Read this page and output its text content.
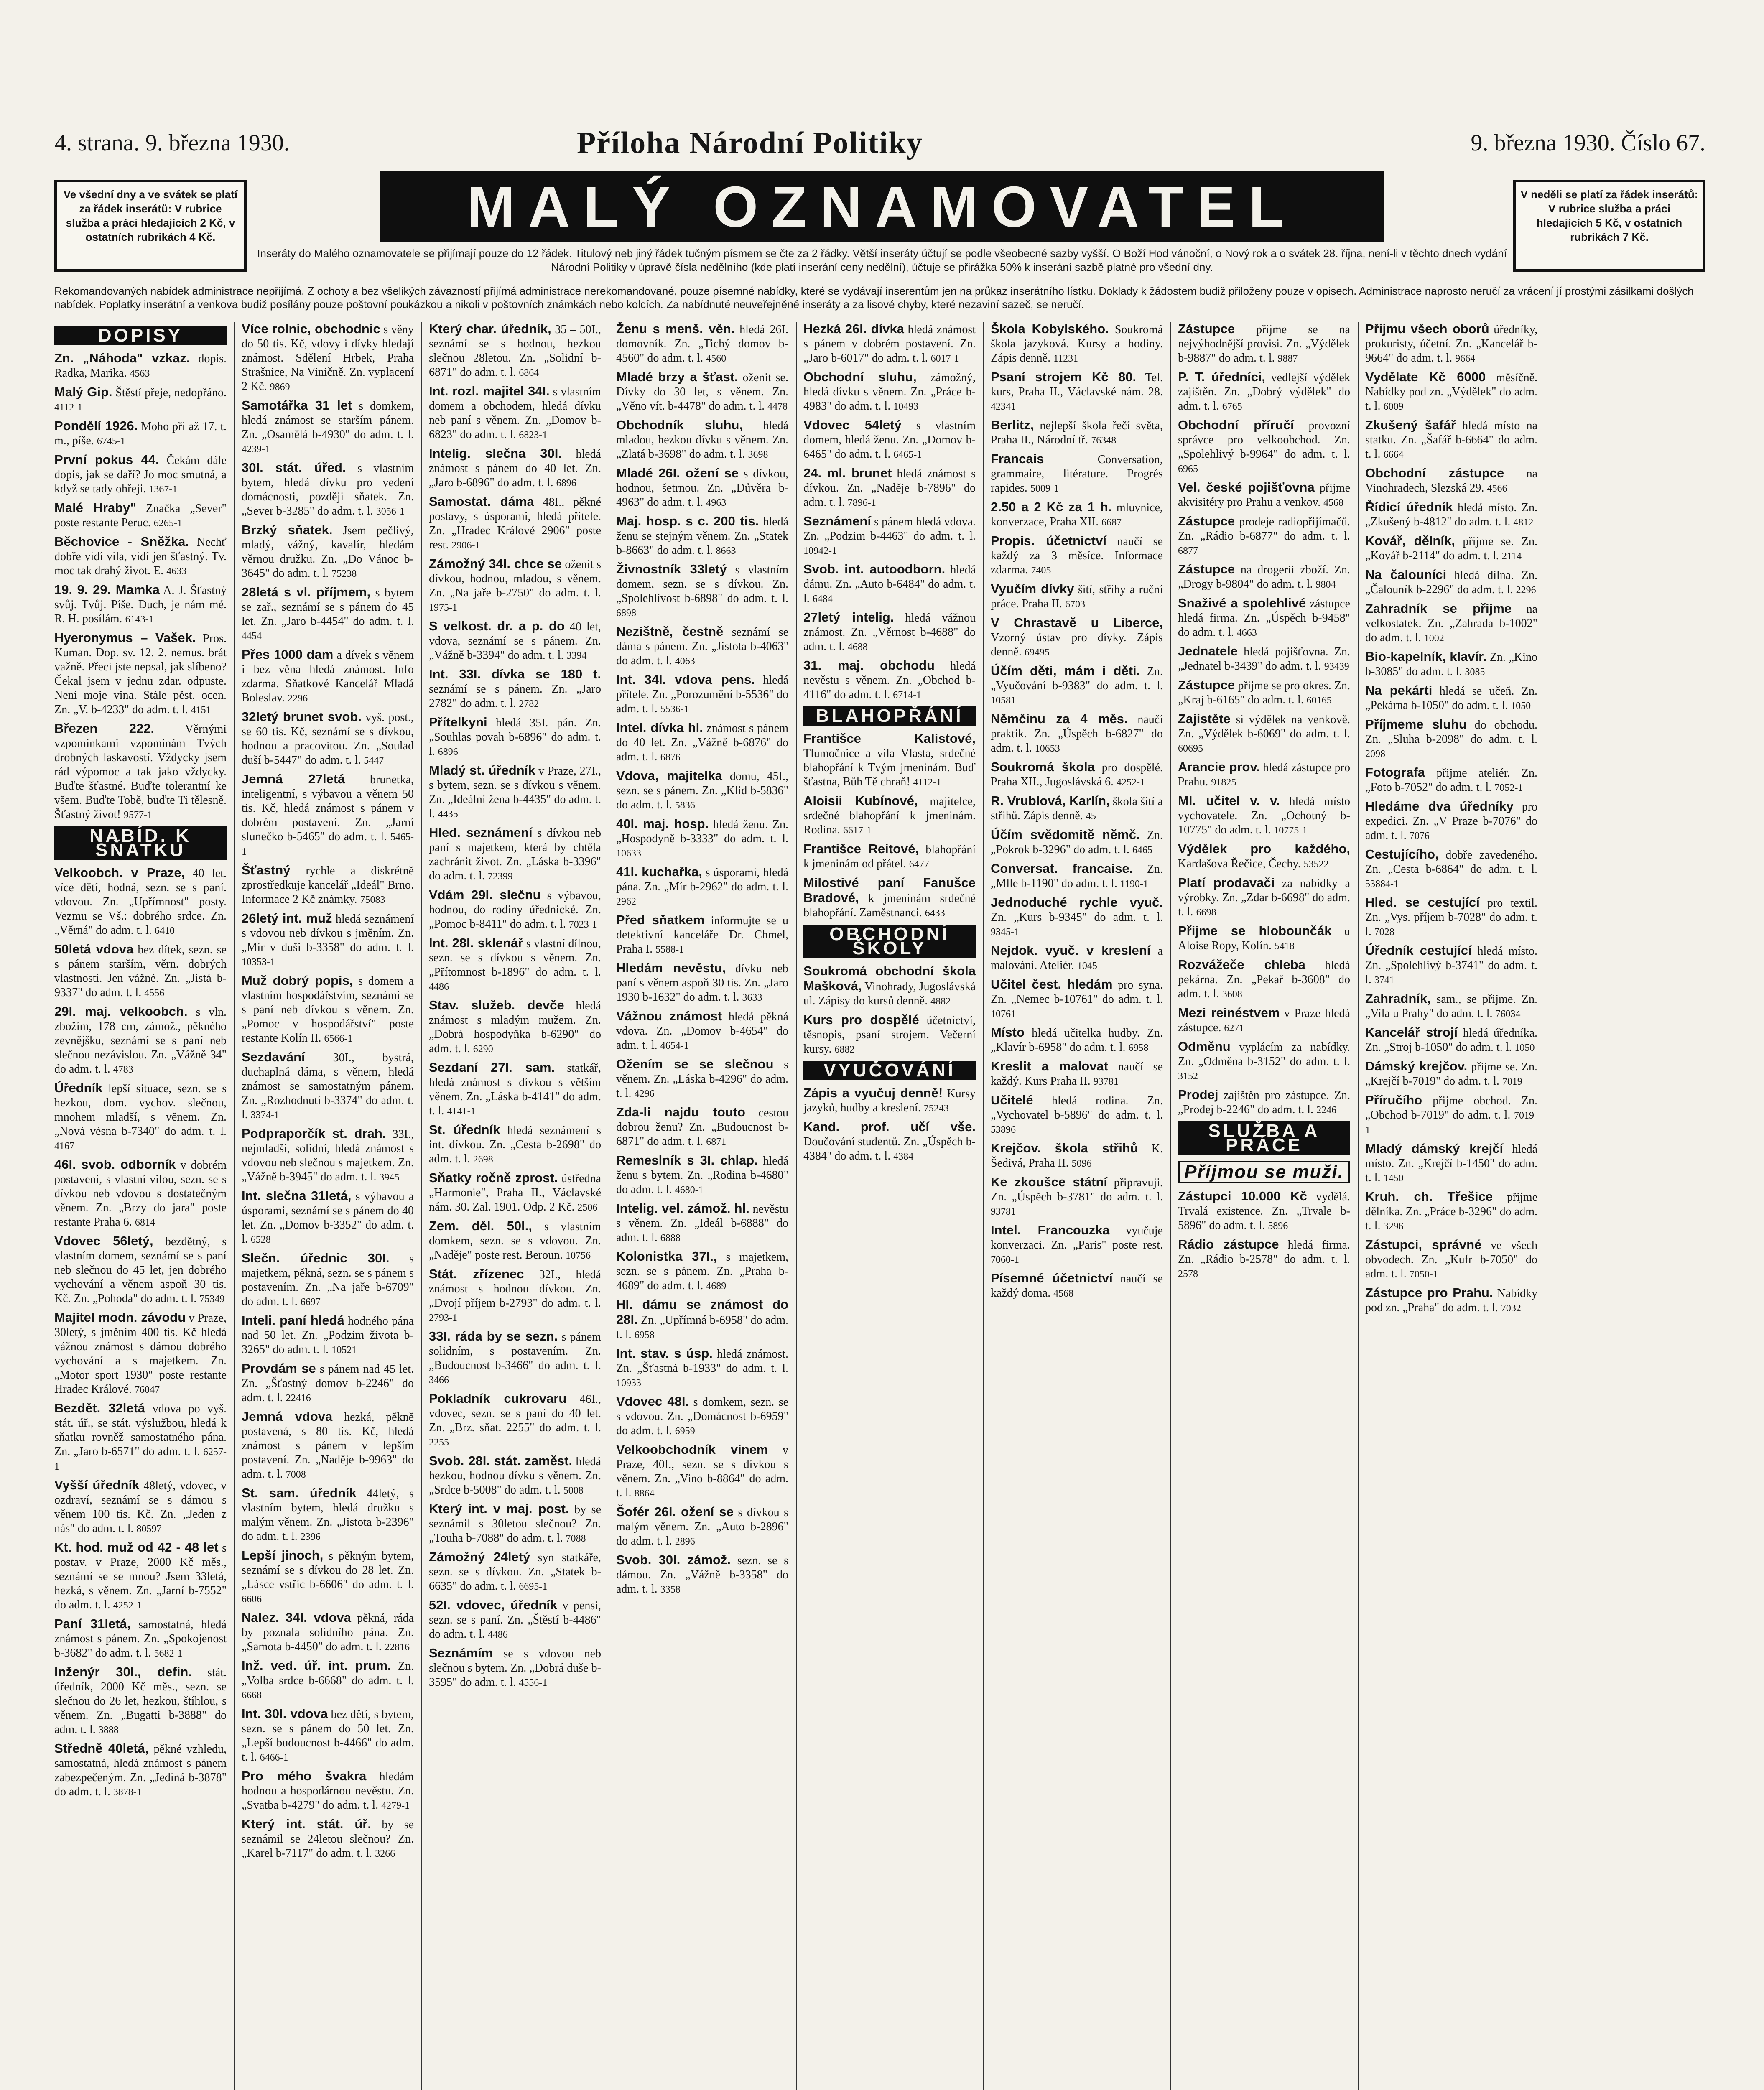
4. strana. 9. března 1930.	Příloha Národní Politiky	9. března 1930. Číslo 67.
Ve všední dny a ve svátek se platí za řádek inserátů: V rubrice služba a práci hledajících 2 Kč, v ostatních rubrikách 4 Kč.	MALÝ OZNAMOVATEL	V neděli se platí za řádek inserátů: V rubrice služba a práci hledajících 5 Kč, v ostatních rubrikách 7 Kč.
Inseráty do Malého oznamovatele se přijímají pouze do 12 řádek. Titulový neb jiný řádek tučným písmem se čte za 2 řádky. Větší inseráty účtují se podle všeobecné sazby vyšší. O Boží Hod vánoční, o Nový rok a o svátek 28. října, není-li v těchto dnech vydání Národní Politiky v úpravě čísla nedělního (kde platí inserání ceny nedělní), účtuje se přirážka 50% k inserání sazbě platné pro všední dny.
Rekomandovaných nabídek administrace nepřijímá. Z ochoty a bez všelikých závazností přijímá administrace nerekomandované, pouze písemné nabídky, které se vydávají inserentům jen na průkaz inserátního lístku. Doklady k žádostem budiž přiloženy pouze v opisech. Administrace naprosto neručí za vrácení jí prostými zásilkami došlých nabídek. Poplatky inserátní a venkova budiž posílány pouze poštovní poukázkou a nikoli v poštovních známkách nebo kolcích. Za nabídnuté neuveřejněné inseráty a za lisové chyby, které nezaviní sazeč, se neručí.
DOPISY
Zn. „Náhoda" vzkaz. dopis. Radka, Marika. 4563
Malý Gip. Štěstí přeje, nedopřáno. 4112-1
Pondělí 1926. Moho při až 17. t. m., píše. 6745-1
První pokus 44. Čekám dále dopis, jak se daří? Jo moc smutná, a když se tady ohřeji. 1367-1
Malé Hraby" Značka „Sever" poste restante Peruc. 6265-1
Běchovice - Sněžka. Nechť dobře vidí vila, vidí jen šťastný. Tv. moc tak drahý život. E. 4633
19. 9. 29. Mamka A. J. Šťastný svůj. Tvůj. Píše. Duch, je nám mé. R. H. posílám. 6143-1
Hyeronymus – Vašek. Pros. Kuman. Dop. sv. 12. 2. nemus. brát važně. Přeci jste nepsal, jak slíbeno? Čekal jsem v jednu zdar. odpuste. Není moje vina. Stále pěst. ocen. Zn. „V. b-4233" do adm. t. l. 4151
Březen 222.	Věrnými vzpomínkami vzpomínám Tvých drobných laskavostí. Vždycky jsem rád výpomoc a tak jako vždycky. Buďte šťastné. Buďte tolerantní ke všem. Buďte Tobě, buďte Ti tělesně. Šťastný život! 9577-1
NABÍD. K SŇATKU
Velkoobch. v Praze, 40 let. více dětí, hodná, sezn. se s paní. vdovou. Zn. „Upřímnost" posty. Vezmu se Vš.: dobrého srdce. Zn. „Věrná" do adm. t. l. 6410
50letá vdova bez dítek, sezn. se s pánem starším, věrn. dobrých vlastností. Jen vážné. Zn. „Jistá b-9337" do adm. t. l. 4556
29I. maj. velkoobch. s vln. zbožím, 178 cm, zámož., pěkného zevnějšku, seznámí se s paní neb slečnou nezávislou. Zn. „Vážně 34" do adm. t. l. 4783
Úředník lepší situace, sezn. se s hezkou, dom. vychov. slečnou, mnohem mladší, s věnem. Zn. „Nová vésna b-7340" do adm. t. l. 4167
46I. svob. odborník v dobrém postavení, s vlastní vilou, sezn. se s dívkou neb vdovou s dostatečným věnem. Zn. „Brzy do jara" poste restante Praha 6. 6814
Vdovec 56letý, bezdětný, s vlastním domem, seznámí se s paní neb slečnou do 45 let, jen dobrého vychování a věnem aspoň 30 tis. Kč. Zn. „Pohoda" do adm. t. l. 75349
Majitel modn. závodu v Praze, 30letý, s jměním 400 tis. Kč hledá vážnou známost s dámou dobrého vychování a s majetkem. Zn. „Motor sport 1930" poste restante Hradec Králové. 76047
Bezdět. 32letá vdova po vyš. stát. úř., se stát. výslužbou, hledá k sňatku rovněž samostatného pána. Zn. „Jaro b-6571" do adm. t. l. 6257-1
Vyšší úředník 48letý, vdovec, v ozdraví, seznámí se s dámou s věnem 100 tis. Kč. Zn. „Jeden z nás" do adm. t. l. 80597
Kt. hod. muž od 42 - 48 let s postav. v Praze, 2000 Kč měs., seznámí se se mnou? Jsem 33letá, hezká, s věnem. Zn. „Jarní b-7552" do adm. t. l. 4252-1
Paní 31letá, samostatná, hledá známost s pánem. Zn. „Spokojenost b-3682" do adm. t. l. 5682-1
Inženýr 30I., defin. stát. úředník, 2000 Kč měs., sezn. se slečnou do 26 let, hezkou, štíhlou, s věnem. Zn. „Bugatti b-3888" do adm. t. l. 3888
Středně 40letá, pěkné vzhledu, samostatná, hledá známost s pánem zabezpečeným. Zn. „Jediná b-3878" do adm. t. l. 3878-1
Více rolnic, obchodnic s věny do 50 tis. Kč, vdovy i dívky hledají známost. Sdělení Hrbek, Praha Strašnice, Na Viničně. Zn. vyplacení 2 Kč. 9869
Samotářka 31 let s domkem, hledá známost se starším pánem. Zn. „Osamělá b-4930" do adm. t. l. 4239-1
30I. stát. úřed. s vlastním bytem, hledá dívku pro vedení domácnosti, později sňatek. Zn. „Sever b-3285" do adm. t. l. 3056-1
Brzký sňatek. Jsem pečlivý, mladý, vážný, kavalír, hledám věrnou družku. Zn. „Do Vánoc b-3645" do adm. t. l. 75238
28letá s vl. příjmem, s bytem se zař., seznámí se s pánem do 45 let. Zn. „Jaro b-4454" do adm. t. l. 4454
Přes 1000 dam a dívek s věnem i bez věna hledá známost. Info zdarma. Sňatkové Kancelář Mladá Boleslav. 2296
32letý brunet svob. vyš. post., se 60 tis. Kč, seznámí se s dívkou, hodnou a pracovitou. Zn. „Soulad duší b-5447" do adm. t. l. 5447
Jemná 27letá brunetka, inteligentní, s výbavou a věnem 50 tis. Kč, hledá známost s pánem v dobrém postavení. Zn. „Jarní slunečko b-5465" do adm. t. l. 5465-1
Šťastný rychle a diskrétně zprostředkuje kancelář „Ideál" Brno. Informace 2 Kč známky. 75083
26letý int. muž hledá seznámení s vdovou neb dívkou s jměním. Zn. „Mír v duši b-3358" do adm. t. l. 10353-1
Muž dobrý popis, s domem a vlastním hospodářstvím, seznámí se s paní neb dívkou s věnem. Zn. „Pomoc v hospodářství" poste restante Kolín II. 6566-1
Sezdavání 30I., bystrá, duchaplná dáma, s věnem, hledá známost se samostatným pánem. Zn. „Rozhodnutí b-3374" do adm. t. l. 3374-1
Podpraporčík st. drah. 33I., nejmladší, solidní, hledá známost s vdovou neb slečnou s majetkem. Zn. „Vážně b-3945" do adm. t. l. 3945
Int. slečna 31letá, s výbavou a úsporami, seznámí se s pánem do 40 let. Zn. „Domov b-3352" do adm. t. l. 6528
Slečn. úřednic 30I. s majetkem, pěkná, sezn. se s pánem s postavením. Zn. „Na jaře b-6709" do adm. t. l. 6697
Inteli. paní hledá hodného pána nad 50 let. Zn. „Podzim života b-3265" do adm. t. l. 10521
Provdám se s pánem nad 45 let. Zn. „Šťastný domov b-2246" do adm. t. l. 22416
Jemná vdova hezká, pěkně postavená, s 80 tis. Kč, hledá známost s pánem v lepším postavení. Zn. „Naděje b-9963" do adm. t. l. 7008
St. sam. úředník 44letý, s vlastním bytem, hledá družku s malým věnem. Zn. „Jistota b-2396" do adm. t. l. 2396
Lepší jinoch, s pěkným bytem, seznámí se s dívkou do 28 let. Zn. „Lásce vstříc b-6606" do adm. t. l. 6606
Nalez. 34I. vdova pěkná, ráda by poznala solidního pána. Zn. „Samota b-4450" do adm. t. l. 22816
Inž. ved. úř. int. prum. Zn. „Volba srdce b-6668" do adm. t. l. 6668
Int. 30I. vdova bez dětí, s bytem, sezn. se s pánem do 50 let. Zn. „Lepší budoucnost b-4466" do adm. t. l. 6466-1
Pro mého švakra hledám hodnou a hospodárnou nevěstu. Zn. „Svatba b-4279" do adm. t. l. 4279-1
Který int. stát. úř. by se seznámil se 24letou slečnou? Zn. „Karel b-7117" do adm. t. l. 3266
Který char. úředník, 35 – 50I., seznámí se s hodnou, hezkou slečnou 28letou. Zn. „Solidní b-6871" do adm. t. l. 6864
Int. rozl. majitel 34I. s vlastním domem a obchodem, hledá dívku neb paní s věnem. Zn. „Domov b-6823" do adm. t. l. 6823-1
Intelig. slečna 30I. hledá známost s pánem do 40 let. Zn. „Jaro b-6896" do adm. t. l. 6896
Samostat. dáma 48I., pěkné postavy, s úsporami, hledá přítele. Zn. „Hradec Králové 2906" poste rest. 2906-1
Zámožný 34I. chce se oženit s dívkou, hodnou, mladou, s věnem. Zn. „Na jaře b-2750" do adm. t. l. 1975-1
S velkost. dr. a p. do 40 let, vdova, seznámí se s pánem. Zn. „Vážně b-3394" do adm. t. l. 3394
Int. 33I. dívka se 180 t. seznámí se s pánem. Zn. „Jaro 2782" do adm. t. l. 2782
Přítelkyni hledá 35I. pán. Zn. „Souhlas povah b-6896" do adm. t. l. 6896
Mladý st. úředník v Praze, 27I., s bytem, sezn. se s dívkou s věnem. Zn. „Ideální žena b-4435" do adm. t. l. 4435
Hled. seznámení s dívkou neb paní s majetkem, která by chtěla zachránit život. Zn. „Láska b-3396" do adm. t. l. 72399
Vdám 29I. slečnu s výbavou, hodnou, do rodiny úřednické. Zn. „Pomoc b-8411" do adm. t. l. 7023-1
Int. 28I. sklenář s vlastní dílnou, sezn. se s dívkou s věnem. Zn. „Přítomnost b-1896" do adm. t. l. 4486
Stav. služeb. devče hledá známost s mladým mužem. Zn. „Dobrá hospodyňka b-6290" do adm. t. l. 6290
Sezdaní 27I. sam. statkář, hledá známost s dívkou s větším věnem. Zn. „Láska b-4141" do adm. t. l. 4141-1
St. úředník hledá seznámení s int. dívkou. Zn. „Cesta b-2698" do adm. t. l. 2698
Sňatky ročně zprost. ústředna „Harmonie", Praha II., Václavské nám. 30. Zal. 1901. Odp. 2 Kč. 2506
Zem. děl. 50I., s vlastním domkem, sezn. se s vdovou. Zn. „Naděje" poste rest. Beroun. 10756
Stát. zřízenec 32I., hledá známost s hodnou dívkou. Zn. „Dvojí příjem b-2793" do adm. t. l. 2793-1
33I. ráda by se sezn. s pánem solidním, s postavením. Zn. „Budoucnost b-3466" do adm. t. l. 3466
Pokladník cukrovaru 46I., vdovec, sezn. se s paní do 40 let. Zn. „Brz. sňat. 2255" do adm. t. l. 2255
Svob. 28I. stát. zaměst. hledá hezkou, hodnou dívku s věnem. Zn. „Srdce b-5008" do adm. t. l. 5008
Který int. v maj. post. by se seznámil s 30letou slečnou? Zn. „Touha b-7088" do adm. t. l. 7088
Zámožný 24letý syn statkáře, sezn. se s dívkou. Zn. „Statek b-6635" do adm. t. l. 6695-1
52I. vdovec, úředník v pensi, sezn. se s paní. Zn. „Štěstí b-4486" do adm. t. l. 4486
Seznámím se s vdovou neb slečnou s bytem. Zn. „Dobrá duše b-3595" do adm. t. l. 4556-1
Ženu s menš. věn. hledá 26I. domovník. Zn. „Tichý domov b-4560" do adm. t. l. 4560
Mladé brzy a šťast. oženit se. Dívky do 30 let, s věnem. Zn. „Věno vít. b-4478" do adm. t. l. 4478
Obchodník sluhu, hledá mladou, hezkou dívku s věnem. Zn. „Zlatá b-3698" do adm. t. l. 3698
Mladé 26I. ožení se s dívkou, hodnou, šetrnou. Zn. „Důvěra b-4963" do adm. t. l. 4963
Maj. hosp. s c. 200 tis. hledá ženu se stejným věnem. Zn. „Statek b-8663" do adm. t. l. 8663
Živnostník 33letý s vlastním domem, sezn. se s dívkou. Zn. „Spolehlivost b-6898" do adm. t. l. 6898
Nezištně, čestně seznámí se dáma s pánem. Zn. „Jistota b-4063" do adm. t. l. 4063
Int. 34I. vdova pens. hledá přítele. Zn. „Porozumění b-5536" do adm. t. l. 5536-1
Intel. dívka hl. známost s pánem do 40 let. Zn. „Vážně b-6876" do adm. t. l. 6876
Vdova, majitelka domu, 45I., sezn. se s pánem. Zn. „Klid b-5836" do adm. t. l. 5836
40I. maj. hosp. hledá ženu. Zn. „Hospodyně b-3333" do adm. t. l. 10633
41I. kuchařka, s úsporami, hledá pána. Zn. „Mír b-2962" do adm. t. l. 2962
Před sňatkem informujte se u detektivní kanceláře Dr. Chmel, Praha I. 5588-1
Hledám nevěstu, dívku neb paní s věnem aspoň 30 tis. Zn. „Jaro 1930 b-1632" do adm. t. l. 3633
Vážnou známost hledá pěkná vdova. Zn. „Domov b-4654" do adm. t. l. 4654-1
Ožením se se slečnou s věnem. Zn. „Láska b-4296" do adm. t. l. 4296
Zda-li najdu touto cestou dobrou ženu? Zn. „Budoucnost b-6871" do adm. t. l. 6871
Remeslník s 3I. chlap. hledá ženu s bytem. Zn. „Rodina b-4680" do adm. t. l. 4680-1
Intelig. vel. zámož. hl. nevěstu s věnem. Zn. „Ideál b-6888" do adm. t. l. 6888
Kolonistka 37I., s majetkem, sezn. se s pánem. Zn. „Praha b-4689" do adm. t. l. 4689
Hl. dámu se známost do 28I. Zn. „Upřímná b-6958" do adm. t. l. 6958
Int. stav. s úsp. hledá známost. Zn. „Šťastná b-1933" do adm. t. l. 10933
Vdovec 48I. s domkem, sezn. se s vdovou. Zn. „Domácnost b-6959" do adm. t. l. 6959
Velkoobchodník vinem v Praze, 40I., sezn. se s dívkou s věnem. Zn. „Vino b-8864" do adm. t. l. 8864
Šofér 26I. ožení se s dívkou s malým věnem. Zn. „Auto b-2896" do adm. t. l. 2896
Svob. 30I. zámož. sezn. se s dámou. Zn. „Vážně b-3358" do adm. t. l. 3358
Hezká 26I. dívka hledá známost s pánem v dobrém postavení. Zn. „Jaro b-6017" do adm. t. l. 6017-1
Obchodní sluhu, zámožný, hledá dívku s věnem. Zn. „Práce b-4983" do adm. t. l. 10493
Vdovec 54letý s vlastním domem, hledá ženu. Zn. „Domov b-6465" do adm. t. l. 6465-1
24. ml. brunet hledá známost s dívkou. Zn. „Naděje b-7896" do adm. t. l. 7896-1
Seznámení s pánem hledá vdova. Zn. „Podzim b-4463" do adm. t. l. 10942-1
Svob. int. autoodborn. hledá dámu. Zn. „Auto b-6484" do adm. t. l. 6484
27letý intelig. hledá vážnou známost. Zn. „Věrnost b-4688" do adm. t. l. 4688
31. maj. obchodu hledá nevěstu s věnem. Zn. „Obchod b-4116" do adm. t. l. 6714-1
BLAHOPŘÁNÍ
Františce Kalistové, Tlumočnice a vila Vlasta, srdečné blahopřání k Tvým jmeninám. Buď šťastna, Bůh Tě chraň! 4112-1
Aloisii Kubínové, majitelce, srdečné blahopřání k jmeninám. Rodina. 6617-1
Františce Reitové, blahopřání k jmeninám od přátel. 6477
Milostivé paní Fanušce Bradové, k jmeninám srdečné blahopřání. Zaměstnanci. 6433
OBCHODNÍ ŠKOLY
Soukromá obchodní škola Mašková, Vinohrady, Jugoslávská ul. Zápisy do kursů denně. 4882
Kurs pro dospělé účetnictví, těsnopis, psaní strojem. Večerní kursy. 6882
VYUČOVÁNÍ
Zápis a vyučuj denně! Kursy jazyků, hudby a kreslení. 75243
Kand. prof. učí vše. Doučování studentů. Zn. „Úspěch b-4384" do adm. t. l. 4384
Škola Kobylského. Soukromá škola jazyková. Kursy a hodiny. Zápis denně. 11231
Psaní strojem Kč 80. Tel. kurs, Praha II., Václavské nám. 28. 42341
Berlitz, nejlepší škola řečí světa, Praha II., Národní tř. 76348
Francais	Conversation, grammaire, litérature. Progrés rapides. 5009-1
2.50 a 2 Kč za 1 h. mluvnice, konverzace, Praha XII. 6687
Propis. účetnictví naučí se každý za 3 měsíce. Informace zdarma. 7405
Vyučím dívky šití, střihy a ruční práce. Praha II. 6703
V Chrastavě u Liberce, Vzorný ústav pro dívky. Zápis denně. 69495
Účím děti, mám i děti. Zn. „Vyučování b-9383" do adm. t. l. 10581
Němčinu za 4 měs. naučí praktik. Zn. „Úspěch b-6827" do adm. t. l. 10653
Soukromá škola pro dospělé. Praha XII., Jugoslávská 6. 4252-1
R. Vrublová, Karlín, škola šití a střihů. Zápis denně. 45
Účím svědomitě němč. Zn. „Pokrok b-3296" do adm. t. l. 6465
Conversat. francaise. Zn. „Mlle b-1190" do adm. t. l. 1190-1
Jednoduché rychle vyuč. Zn. „Kurs b-9345" do adm. t. l. 9345-1
Nejdok. vyuč. v kreslení a malování. Ateliér. 1045
Učitel čest. hledám pro syna. Zn. „Nemec b-10761" do adm. t. l. 10761
Místo hledá učitelka hudby. Zn. „Klavír b-6958" do adm. t. l. 6958
Kreslit a malovat naučí se každý. Kurs Praha II. 93781
Učitelé hledá rodina. Zn. „Vychovatel b-5896" do adm. t. l. 53896
Krejčov. škola střihů K. Šedivá, Praha II. 5096
Ke zkoušce státní připravuji. Zn. „Úspěch b-3781" do adm. t. l. 93781
Intel. Francouzka vyučuje konverzaci. Zn. „Paris" poste rest. 7060-1
Písemné účetnictví naučí se každý doma. 4568
Zástupce přijme se na nejvýhodnější provisi. Zn. „Výdělek b-9887" do adm. t. l. 9887
P. T. úředníci, vedlejší výdělek zajištěn. Zn. „Dobrý výdělek" do adm. t. l. 6765
Obchodní příručí provozní správce pro velkoobchod. Zn. „Spolehlivý b-9964" do adm. t. l. 6965
Vel. české pojišťovna přijme akvisitéry pro Prahu a venkov. 4568
Zástupce prodeje radiopřijímačů. Zn. „Rádio b-6877" do adm. t. l. 6877
Zástupce na drogerii zboží. Zn. „Drogy b-9804" do adm. t. l. 9804
Snaživé a spolehlivé zástupce hledá firma. Zn. „Úspěch b-9458" do adm. t. l. 4663
Jednatele hledá pojišťovna. Zn. „Jednatel b-3439" do adm. t. l. 93439
Zástupce přijme se pro okres. Zn. „Kraj b-6165" do adm. t. l. 60165
Zajistěte si výdělek na venkově. Zn. „Výdělek b-6069" do adm. t. l. 60695
Arancie prov. hledá zástupce pro Prahu. 91825
Ml. učitel v. v. hledá místo vychovatele. Zn. „Ochotný b-10775" do adm. t. l. 10775-1
Výdělek pro každého, Kardašova Řečice, Čechy. 53522
Platí prodavači za nabídky a výrobky. Zn. „Zdar b-6698" do adm. t. l. 6698
Přijme se hlobounčák u Aloise Ropy, Kolín. 5418
Rozvážeče chleba hledá pekárna. Zn. „Pekař b-3608" do adm. t. l. 3608
Mezi reinéstvem v Praze hledá zástupce. 6271
Odměnu vyplácím za nabídky. Zn. „Odměna b-3152" do adm. t. l. 3152
Prodej zajištěn pro zástupce. Zn. „Prodej b-2246" do adm. t. l. 2246
SLUŽBA A PRÁCE
Příjmou se muži.
Zástupci 10.000 Kč vydělá. Trvalá existence. Zn. „Trvale b-5896" do adm. t. l. 5896
Rádio zástupce hledá firma. Zn. „Rádio b-2578" do adm. t. l. 2578
Přijmu všech oborů úředníky, prokuristy, účetní. Zn. „Kancelář b-9664" do adm. t. l. 9664
Vydělate Kč 6000 měsíčně. Nabídky pod zn. „Výdělek" do adm. t. l. 6009
Zkušený šafář hledá místo na statku. Zn. „Šafář b-6664" do adm. t. l. 6664
Obchodní zástupce na Vinohradech, Slezská 29. 4566
Řídicí úředník hledá místo. Zn. „Zkušený b-4812" do adm. t. l. 4812
Kovář, dělník, přijme se. Zn. „Kovář b-2114" do adm. t. l. 2114
Na čalouníci hledá dílna. Zn. „Čalouník b-2296" do adm. t. l. 2296
Zahradník se přijme na velkostatek. Zn. „Zahrada b-1002" do adm. t. l. 1002
Bio-kapelník, klavír. Zn. „Kino b-3085" do adm. t. l. 3085
Na pekárti hledá se učeň. Zn. „Pekárna b-1050" do adm. t. l. 1050
Příjmeme sluhu do obchodu. Zn. „Sluha b-2098" do adm. t. l. 2098
Fotografa přijme ateliér. Zn. „Foto b-7052" do adm. t. l. 7052-1
Hledáme dva úředníky pro expedici. Zn. „V Praze b-7076" do adm. t. l. 7076
Cestujícího, dobře zavedeného. Zn. „Cesta b-6864" do adm. t. l. 53884-1
Hled. se cestující pro textil. Zn. „Vys. příjem b-7028" do adm. t. l. 7028
Úředník cestující hledá místo. Zn. „Spolehlivý b-3741" do adm. t. l. 3741
Zahradník, sam., se přijme. Zn. „Vila u Prahy" do adm. t. l. 76034
Kancelář strojí hledá úředníka. Zn. „Stroj b-1050" do adm. t. l. 1050
Dámský krejčov. přijme se. Zn. „Krejčí b-7019" do adm. t. l. 7019
Příručího přijme obchod. Zn. „Obchod b-7019" do adm. t. l. 7019-1
Mladý dámský krejčí hledá místo. Zn. „Krejčí b-1450" do adm. t. l. 1450
Kruh. ch. Třešice přijme dělníka. Zn. „Práce b-3296" do adm. t. l. 3296
Zástupci, správné ve všech obvodech. Zn. „Kufr b-7050" do adm. t. l. 7050-1
Zástupce pro Prahu. Nabídky pod zn. „Praha" do adm. t. l. 7032
